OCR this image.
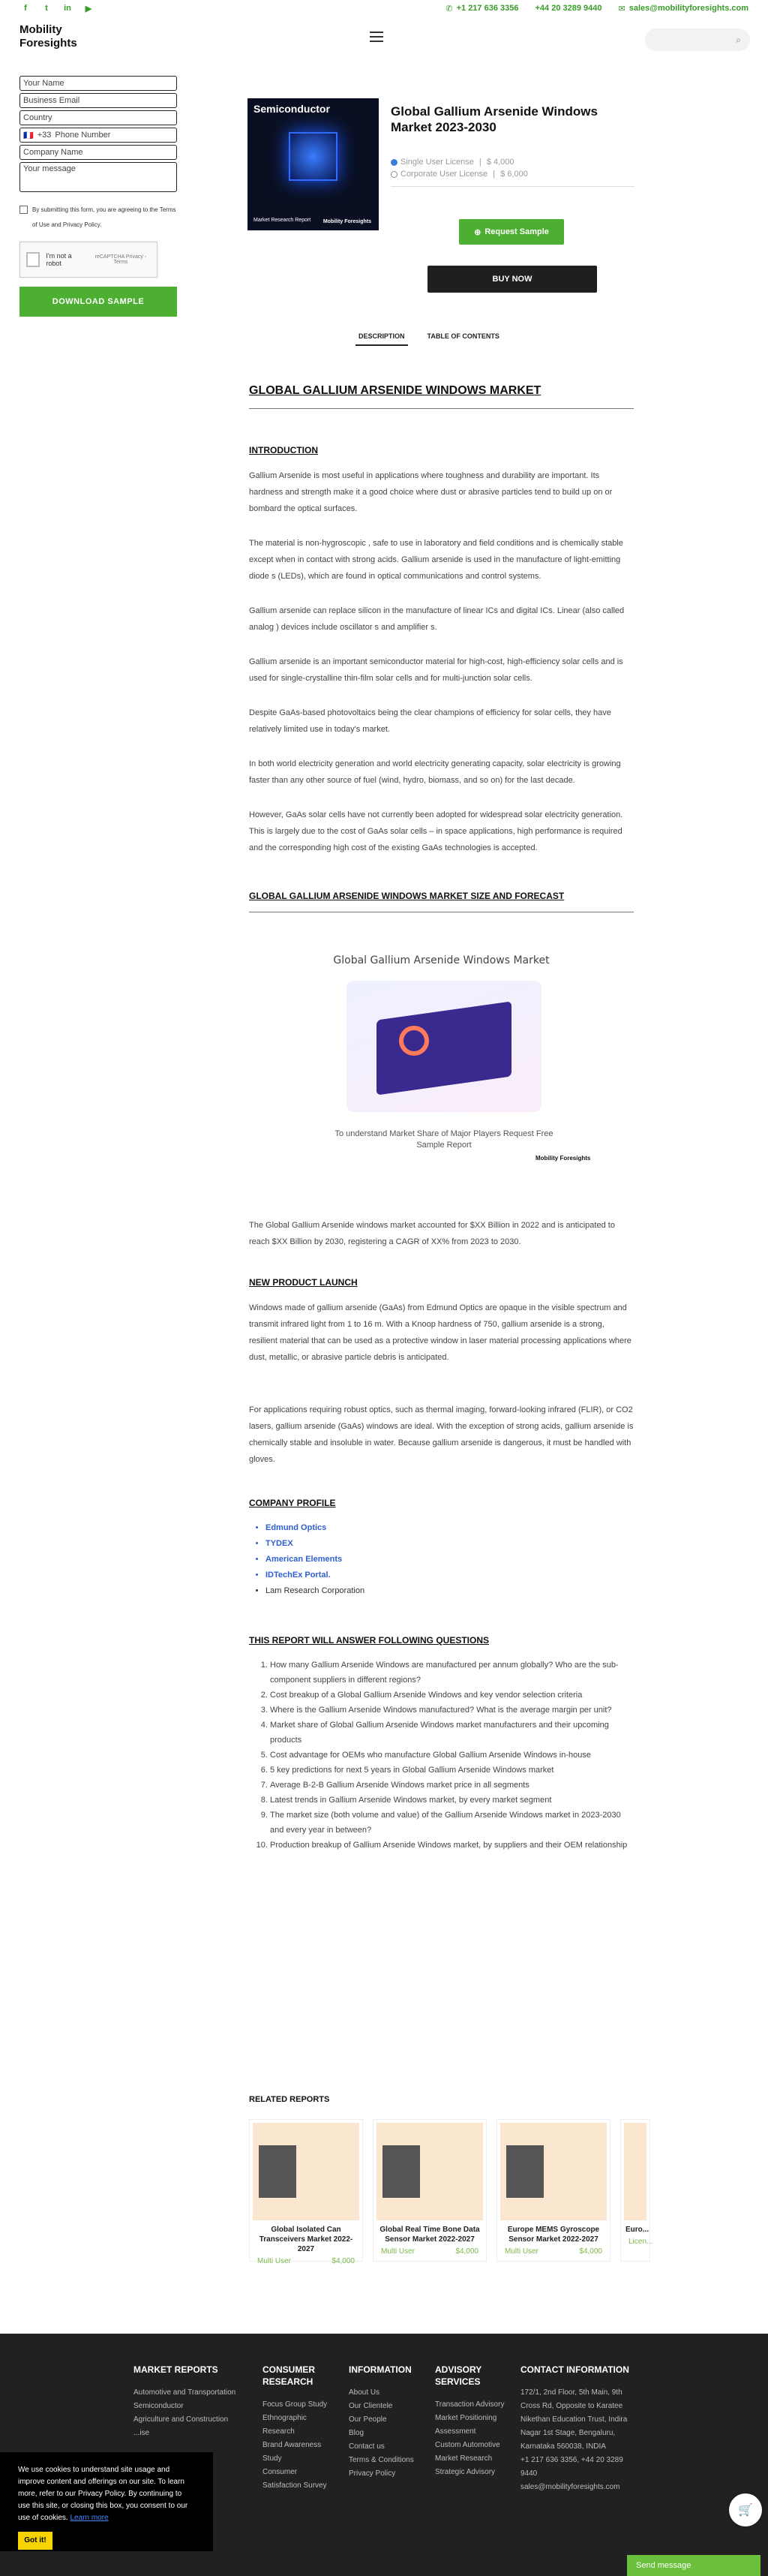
f	t	in	▶	✆ +1 217 636 3356 +44 20 3289 9440 ✉ sales@mobilityforesights.com
Mobility
Foresights	⌕
Your Name
Business Email
Country
🇫🇷 +33 Phone Number
Company Name
Your message
By submitting this form, you are agreeing to the Terms of Use and Privacy Policy.
I'm not a robot
reCAPTCHA Privacy - Terms
DOWNLOAD SAMPLE
Semiconductor
Market Research Report Mobility Foresights
Global Gallium Arsenide Windows Market 2023-2030
Single User License | $ 4,000
Corporate User License | $ 6,000
⊕ Request Sample
BUY NOW
DESCRIPTION	TABLE OF CONTENTS
GLOBAL GALLIUM ARSENIDE WINDOWS MARKET
INTRODUCTION

Gallium Arsenide is most useful in applications where toughness and durability are important. Its hardness and strength make it a good choice where dust or abrasive particles tend to build up on or bombard the optical surfaces.

The material is non-hygroscopic , safe to use in laboratory and field conditions and is chemically stable except when in contact with strong acids. Gallium arsenide is used in the manufacture of light-emitting diode s (LEDs), which are found in optical communications and control systems.

Gallium arsenide can replace silicon in the manufacture of linear ICs and digital ICs. Linear (also called analog ) devices include oscillator s and amplifier s.

Gallium arsenide is an important semiconductor material for high-cost, high-efficiency solar cells and is used for single-crystalline thin-film solar cells and for multi-junction solar cells.

Despite GaAs-based photovoltaics being the clear champions of efficiency for solar cells, they have relatively limited use in today's market.

In both world electricity generation and world electricity generating capacity, solar electricity is growing faster than any other source of fuel (wind, hydro, biomass, and so on) for the last decade.

However, GaAs solar cells have not currently been adopted for widespread solar electricity generation. This is largely due to the cost of GaAs solar cells – in space applications, high performance is required and the corresponding high cost of the existing GaAs technologies is accepted.

GLOBAL GALLIUM ARSENIDE WINDOWS MARKET SIZE AND FORECAST
Global Gallium Arsenide Windows Market
To understand Market Share of Major Players Request Free Sample Report
Mobility Foresights

The Global Gallium Arsenide windows market accounted for $XX Billion in 2022 and is anticipated to reach $XX Billion by 2030, registering a CAGR of XX% from 2023 to 2030.

NEW PRODUCT LAUNCH

Windows made of gallium arsenide (GaAs) from Edmund Optics are opaque in the visible spectrum and transmit infrared light from 1 to 16 m. With a Knoop hardness of 750, gallium arsenide is a strong, resilient material that can be used as a protective window in laser material processing applications where dust, metallic, or abrasive particle debris is anticipated.

For applications requiring robust optics, such as thermal imaging, forward-looking infrared (FLIR), or CO2 lasers, gallium arsenide (GaAs) windows are ideal. With the exception of strong acids, gallium arsenide is chemically stable and insoluble in water. Because gallium arsenide is dangerous, it must be handled with gloves.

COMPANY PROFILE
• Edmund Optics
• TYDEX
• American Elements
• IDTechEx Portal.
• Lam Research Corporation
THIS REPORT WILL ANSWER FOLLOWING QUESTIONS
1. How many Gallium Arsenide Windows are manufactured per annum globally? Who are the sub-component suppliers in different regions?
2. Cost breakup of a Global Gallium Arsenide Windows and key vendor selection criteria
3. Where is the Gallium Arsenide Windows manufactured? What is the average margin per unit?
4. Market share of Global Gallium Arsenide Windows market manufacturers and their upcoming products
5. Cost advantage for OEMs who manufacture Global Gallium Arsenide Windows in-house
6. 5 key predictions for next 5 years in Global Gallium Arsenide Windows market
7. Average B-2-B Gallium Arsenide Windows market price in all segments
8. Latest trends in Gallium Arsenide Windows market, by every market segment
9. The market size (both volume and value) of the Gallium Arsenide Windows market in 2023-2030 and every year in between?
10. Production breakup of Gallium Arsenide Windows market, by suppliers and their OEM relationship
RELATED REPORTS
Global Isolated Can Transceivers Market 2022-2027
Multi User	$4,000
Global Real Time Bone Data Sensor Market 2022-2027
Multi User	$4,000
Europe MEMS Gyroscope Sensor Market 2022-2027
Multi User	$4,000
Euro...
Licen...
MARKET REPORTS
Automotive and Transportation
Semiconductor
Agriculture and Construction
...ise
CONSUMER RESEARCH
Focus Group Study
Ethnographic Research
Brand Awareness Study
Consumer Satisfaction Survey
INFORMATION
About Us
Our Clientele
Our People
Blog
Contact us
Terms & Conditions
Privacy Policy
ADVISORY SERVICES
Transaction Advisory
Market Positioning Assessment
Custom Automotive Market Research
Strategic Advisory
CONTACT INFORMATION
172/1, 2nd Floor, 5th Main, 9th Cross Rd, Opposite to Karatee Nikethan Education Trust, Indira Nagar 1st Stage, Bengaluru, Karnataka 560038, INDIA
+1 217 636 3356, +44 20 3289 9440
sales@mobilityforesights.com
We use cookies to understand site usage and improve content and offerings on our site. To learn more, refer to our Privacy Policy. By continuing to use this site, or closing this box, you consent to our use of cookies. Learn more
Got it!
🛒
Send message
